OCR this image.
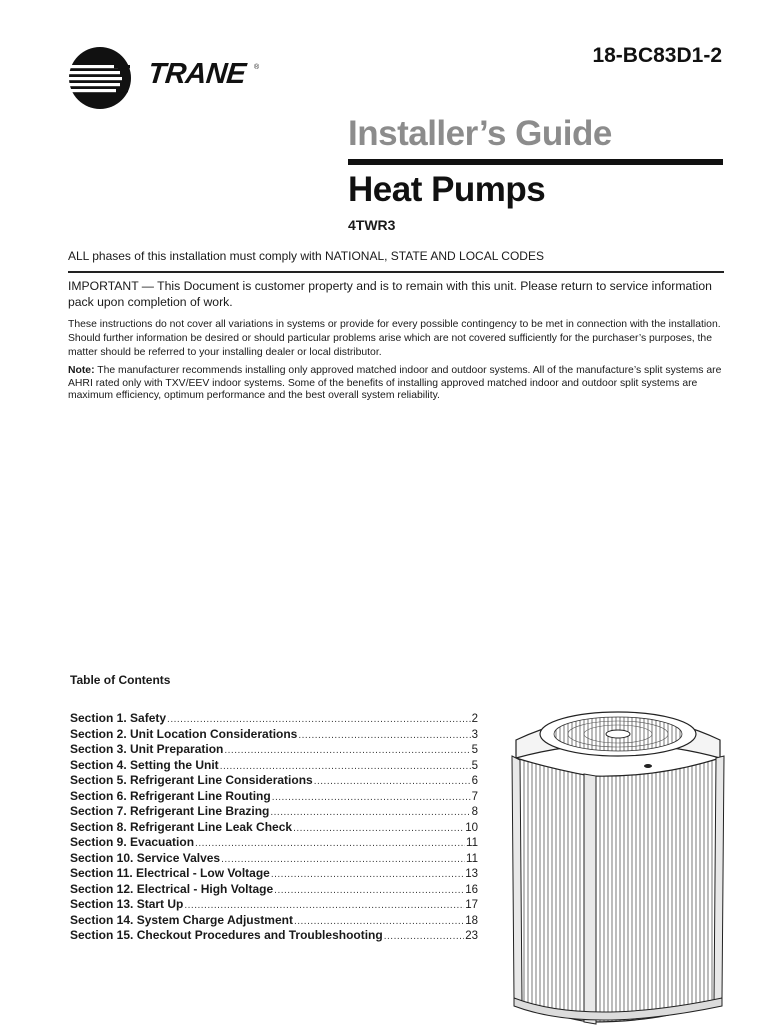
TRANE ®
18-BC83D1-2
Installer’s Guide
Heat Pumps
4TWR3
ALL phases of this installation must comply with NATIONAL, STATE AND LOCAL CODES
IMPORTANT — This Document is customer property and is to remain with this unit. Please return to service information pack upon completion of work.
These instructions do not cover all variations in systems or provide for every possible contingency to be met in connection with the installation. Should further information be desired or should particular problems arise which are not covered sufficiently for the purchaser’s purposes, the matter should be referred to your installing dealer or local distributor.
Note: The manufacturer recommends installing only approved matched indoor and outdoor systems. All of the manufacture’s split systems are AHRI rated only with TXV/EEV indoor systems. Some of the benefits of installing approved matched indoor and outdoor split systems are maximum efficiency, optimum performance and the best overall system reliability.
Table of Contents
Section 1. Safety .....	2
Section 2. Unit Location Considerations .....	3
Section 3. Unit Preparation .....	5
Section 4. Setting the Unit .....	5
Section 5. Refrigerant Line Considerations .....	6
Section 6. Refrigerant Line Routing .....	7
Section 7. Refrigerant Line Brazing .....	8
Section 8. Refrigerant Line Leak Check .....	10
Section 9. Evacuation .....	11
Section 10. Service Valves .....	11
Section 11. Electrical - Low Voltage .....	13
Section 12. Electrical - High Voltage .....	16
Section 13. Start Up .....	17
Section 14. System Charge Adjustment .....	18
Section 15. Checkout Procedures and Troubleshooting .....	23
